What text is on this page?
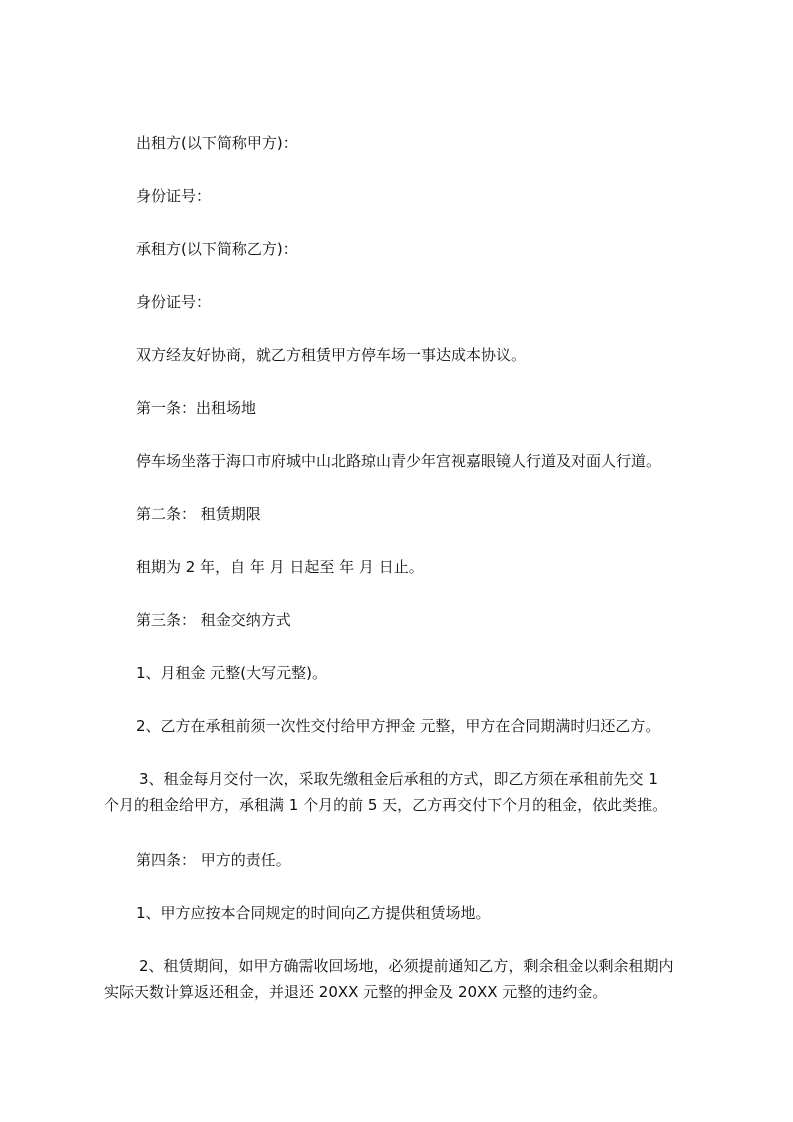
出租方(以下简称甲方)：

身份证号：

承租方(以下简称乙方)：

身份证号：

双方经友好协商，就乙方租赁甲方停车场一事达成本协议。

第一条：出租场地

停车场坐落于海口市府城中山北路琼山青少年宫视嘉眼镜人行道及对面人行道。

第二条： 租赁期限

租期为 2 年，自 年 月 日起至 年 月 日止。

第三条： 租金交纳方式

1、月租金 元整(大写元整)。

2、乙方在承租前须一次性交付给甲方押金 元整，甲方在合同期满时归还乙方。

3、租金每月交付一次，采取先缴租金后承租的方式，即乙方须在承租前先交 1

个月的租金给甲方，承租满 1 个月的前 5 天，乙方再交付下个月的租金，依此类推。

第四条： 甲方的责任。

1、甲方应按本合同规定的时间向乙方提供租赁场地。

2、租赁期间，如甲方确需收回场地，必须提前通知乙方，剩余租金以剩余租期内

实际天数计算返还租金，并退还 20XX 元整的押金及 20XX 元整的违约金。
